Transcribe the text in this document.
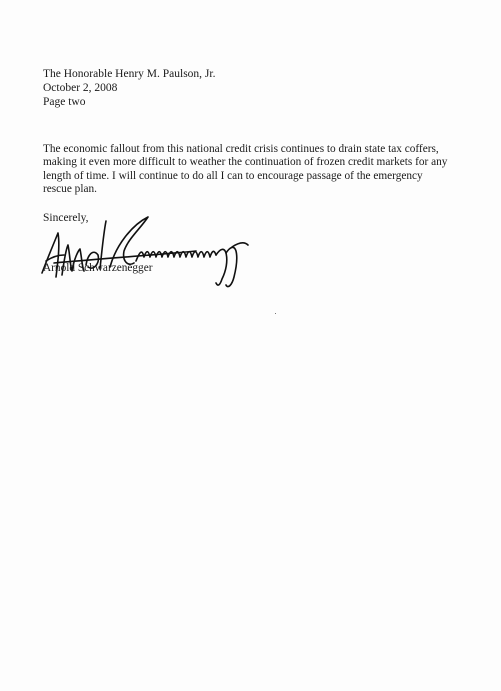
The Honorable Henry M. Paulson, Jr.
October 2, 2008
Page two
The economic fallout from this national credit crisis continues to drain state tax coffers,
making it even more difficult to weather the continuation of frozen credit markets for any
length of time. I will continue to do all I can to encourage passage of the emergency
rescue plan.
Sincerely,
Arnold Schwarzenegger
